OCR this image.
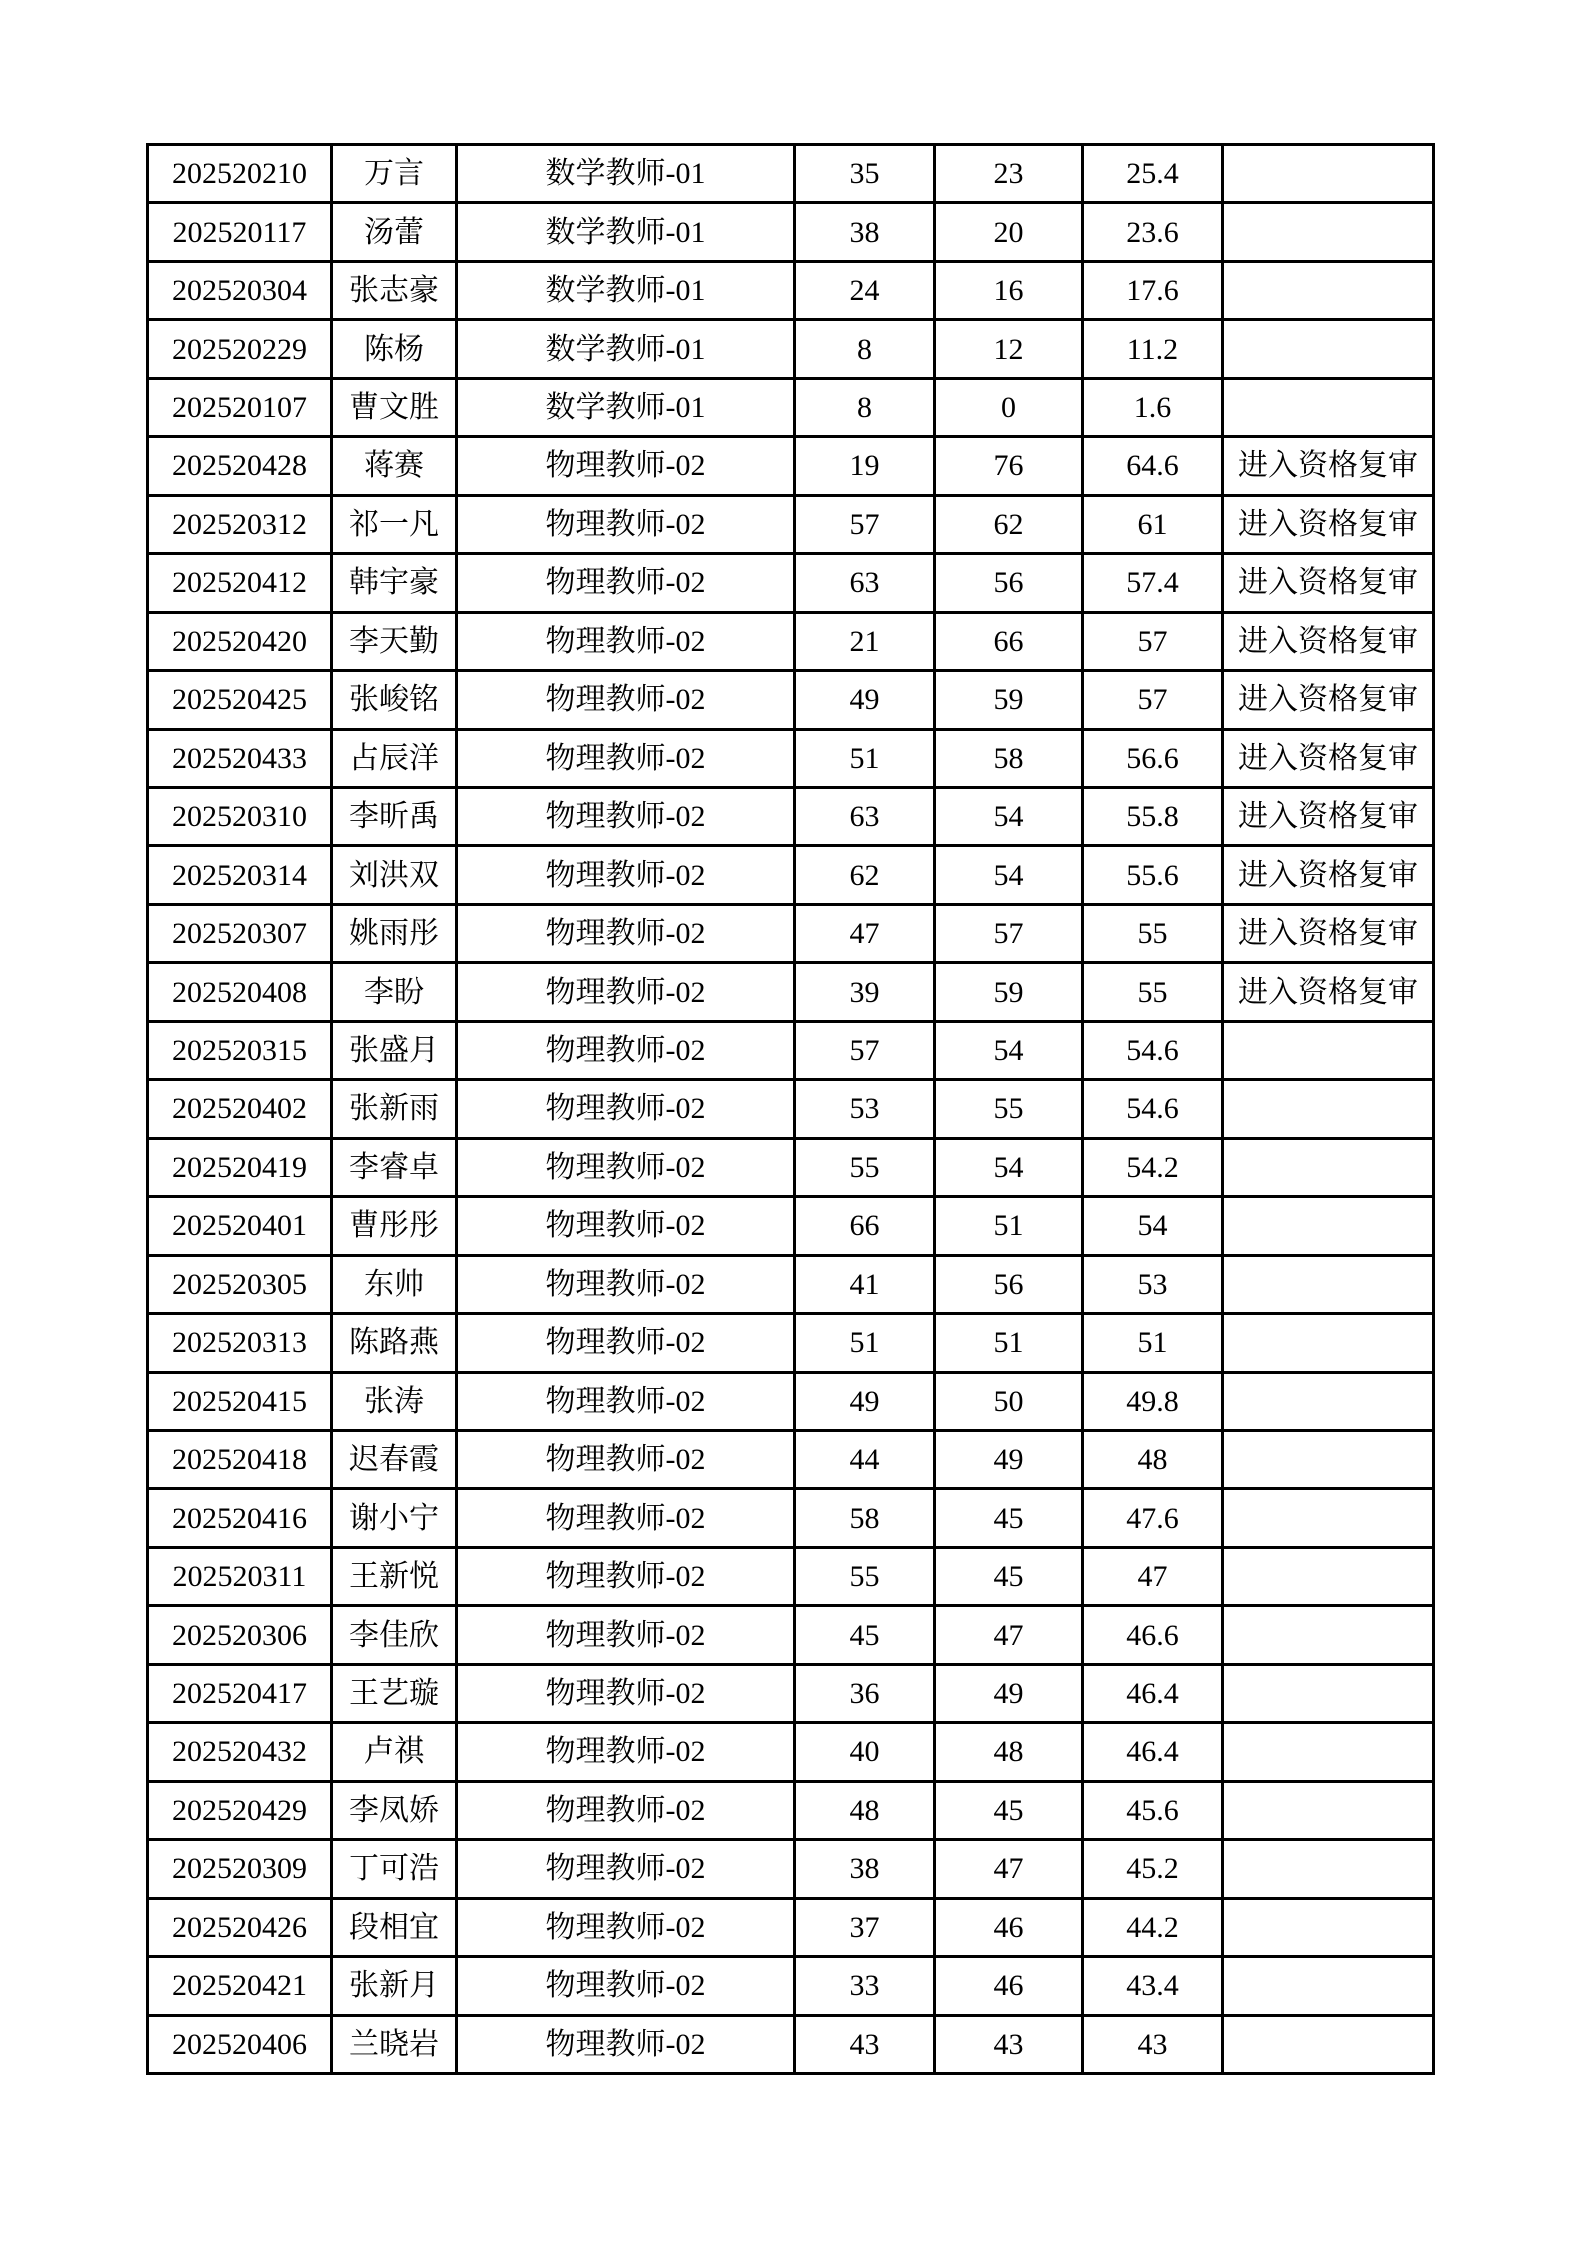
202520210	万言	数学教师-01	35	23	25.4	
202520117	汤蕾	数学教师-01	38	20	23.6	
202520304	张志豪	数学教师-01	24	16	17.6	
202520229	陈杨	数学教师-01	8	12	11.2	
202520107	曹文胜	数学教师-01	8	0	1.6	
202520428	蒋赛	物理教师-02	19	76	64.6	进入资格复审
202520312	祁一凡	物理教师-02	57	62	61	进入资格复审
202520412	韩宇豪	物理教师-02	63	56	57.4	进入资格复审
202520420	李天勤	物理教师-02	21	66	57	进入资格复审
202520425	张峻铭	物理教师-02	49	59	57	进入资格复审
202520433	占辰洋	物理教师-02	51	58	56.6	进入资格复审
202520310	李昕禹	物理教师-02	63	54	55.8	进入资格复审
202520314	刘洪双	物理教师-02	62	54	55.6	进入资格复审
202520307	姚雨彤	物理教师-02	47	57	55	进入资格复审
202520408	李盼	物理教师-02	39	59	55	进入资格复审
202520315	张盛月	物理教师-02	57	54	54.6	
202520402	张新雨	物理教师-02	53	55	54.6	
202520419	李睿卓	物理教师-02	55	54	54.2	
202520401	曹彤彤	物理教师-02	66	51	54	
202520305	东帅	物理教师-02	41	56	53	
202520313	陈路燕	物理教师-02	51	51	51	
202520415	张涛	物理教师-02	49	50	49.8	
202520418	迟春霞	物理教师-02	44	49	48	
202520416	谢小宁	物理教师-02	58	45	47.6	
202520311	王新悦	物理教师-02	55	45	47	
202520306	李佳欣	物理教师-02	45	47	46.6	
202520417	王艺璇	物理教师-02	36	49	46.4	
202520432	卢祺	物理教师-02	40	48	46.4	
202520429	李凤娇	物理教师-02	48	45	45.6	
202520309	丁可浩	物理教师-02	38	47	45.2	
202520426	段相宜	物理教师-02	37	46	44.2	
202520421	张新月	物理教师-02	33	46	43.4	
202520406	兰晓岩	物理教师-02	43	43	43	
